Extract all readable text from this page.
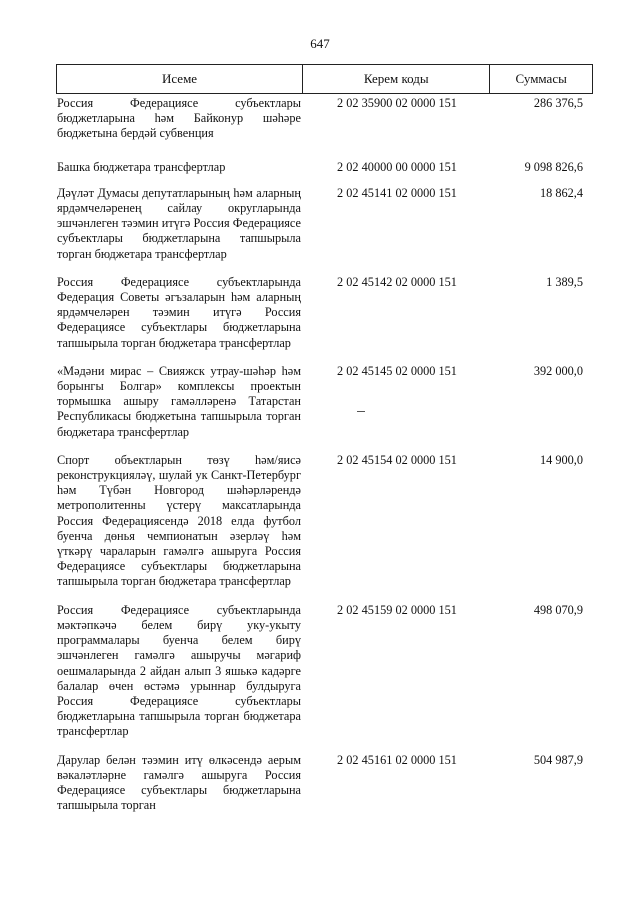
647
Исеме	Керем коды	Суммасы
Россия Федерациясе субъектлары бюджетларына һәм Байконур шәһәре бюджетына бердәй субвенция
2 02 35900 02 0000 151	286 376,5
Башка бюджетара трансфертлар	2 02 40000 00 0000 151	9 098 826,6
Дәүләт Думасы депутатларының һәм аларның ярдәмчеләренең сайлау округларында эшчәнлеген тәэмин итүгә Россия Федерациясе субъектлары бюджетларына тапшырыла торган бюджетара трансфертлар
2 02 45141 02 0000 151	18 862,4
Россия Федерациясе субъектларында Федерация Советы әгъзаларын һәм аларның ярдәмчеләрен тәэмин итүгә Россия Федерациясе субъектлары бюджетларына тапшырыла торган бюджетара трансфертлар
2 02 45142 02 0000 151	1 389,5
«Мәдәни мирас – Свияжск утрау-шәһәр һәм борынгы Болгар» комплексы проектын тормышка ашыру гамәлләренә Татарстан Республикасы бюджетына тапшырыла торган бюджетара трансфертлар
2 02 45145 02 0000 151	392 000,0
Спорт объектларын төзү һәм/яисә реконструкцияләү, шулай ук Санкт-Петербург һәм Түбән Новгород шәһәрләрендә метрополитенны үстерү максатларында Россия Федерациясендә 2018 елда футбол буенча дөнья чемпионатын әзерләү һәм үткәрү чараларын гамәлгә ашыруга Россия Федерациясе субъектлары бюджетларына тапшырыла торган бюджетара трансфертлар
2 02 45154 02 0000 151	14 900,0
Россия Федерациясе субъектларында мәктәпкәчә белем бирү уку-укыту программалары буенча белем бирү эшчәнлеген гамәлгә ашыручы мәгариф оешмаларында 2 айдан алып 3 яшькә кадәрге балалар өчен өстәмә урыннар булдыруга Россия Федерациясе субъектлары бюджетларына тапшырыла торган бюджетара трансфертлар
2 02 45159 02 0000 151	498 070,9
Дарулар белән тәэмин итү өлкәсендә аерым вәкаләтләрне гамәлгә ашыруга Россия Федерациясе субъектлары бюджетларына тапшырыла торган
2 02 45161 02 0000 151	504 987,9
